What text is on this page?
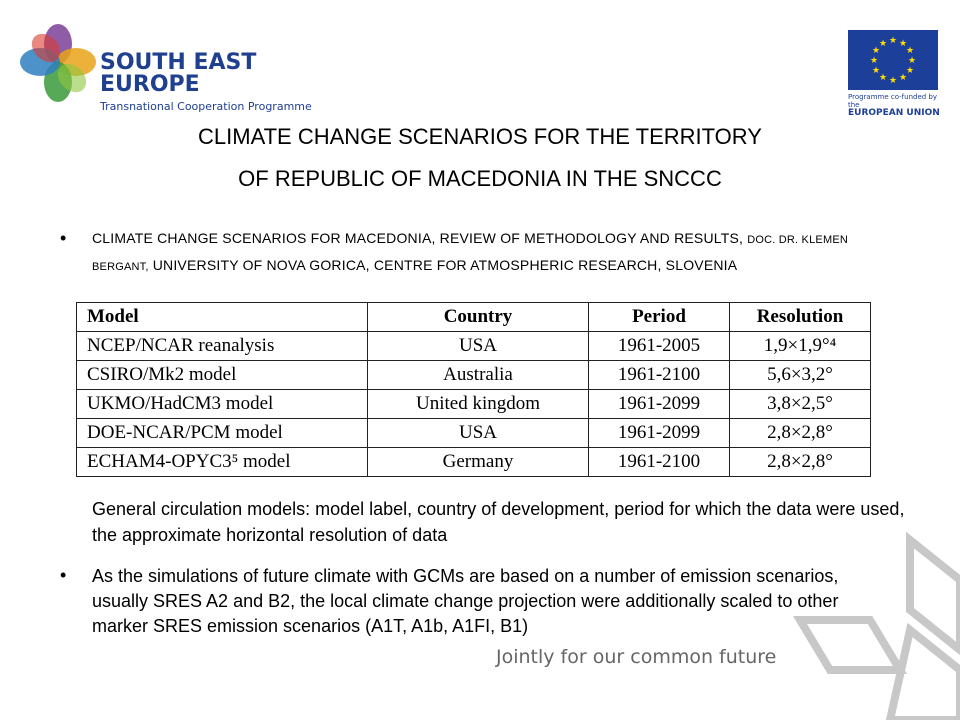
SOUTH EAST
EUROPE
Transnational Cooperation Programme
★ ★
★
★
★
★
★
★
★
★
★
★
Programme co-funded by the
EUROPEAN UNION
CLIMATE CHANGE SCENARIOS FOR THE TERRITORY
OF REPUBLIC OF MACEDONIA IN THE SNCCC
• CLIMATE CHANGE SCENARIOS FOR MACEDONIA, REVIEW OF METHODOLOGY AND RESULTS, DOC. DR. KLEMEN BERGANT, UNIVERSITY OF NOVA GORICA, CENTRE FOR ATMOSPHERIC RESEARCH, SLOVENIA
Model	Country	Period	Resolution
NCEP/NCAR reanalysis	USA	1961-2005	1,9×1,9°⁴
CSIRO/Mk2 model	Australia	1961-2100	5,6×3,2°
UKMO/HadCM3 model	United kingdom	1961-2099	3,8×2,5°
DOE-NCAR/PCM model	USA	1961-2099	2,8×2,8°
ECHAM4-OPYC3⁵ model	Germany	1961-2100	2,8×2,8°
General circulation models: model label, country of development, period for which the data were used, the approximate horizontal resolution of data
• As the simulations of future climate with GCMs are based on a number of emission scenarios, usually SRES A2 and B2, the local climate change projection were additionally scaled to other marker SRES emission scenarios (A1T, A1b, A1FI, B1)
Jointly for our common future
